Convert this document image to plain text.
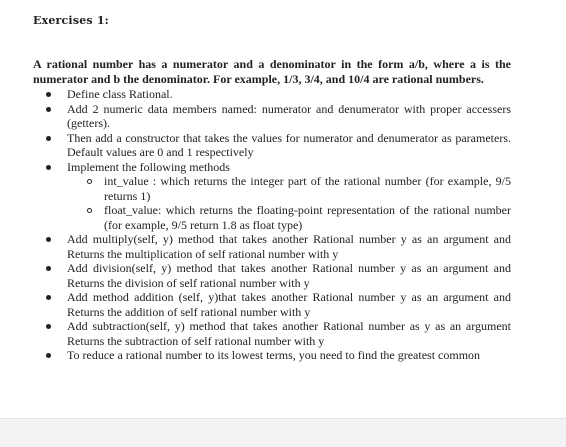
Exercises 1:
A rational number has a numerator and a denominator in the form a/b, where a is the numerator and b the denominator. For example, 1/3, 3/4, and 10/4 are rational numbers.
Define class Rational.
Add 2 numeric data members named: numerator and denumerator with proper accessers (getters).
Then add a constructor that takes the values for numerator and denumerator as parameters. Default values are 0 and 1 respectively
Implement the following methods
int_value : which returns the integer part of the rational number (for example, 9/5 returns 1)
float_value: which returns the floating-point representation of the rational number (for example, 9/5 return 1.8 as float type)
Add multiply(self, y) method that takes another Rational number y as an argument and Returns the multiplication of self rational number with y
Add division(self, y) method that takes another Rational number y as an argument and Returns the division of self rational number with y
Add method addition (self, y)that takes another Rational number y as an argument and Returns the addition of self rational number with y
Add subtraction(self, y) method that takes another Rational number as y as an argument Returns the subtraction of self rational number with y
To reduce a rational number to its lowest terms, you need to find the greatest common
